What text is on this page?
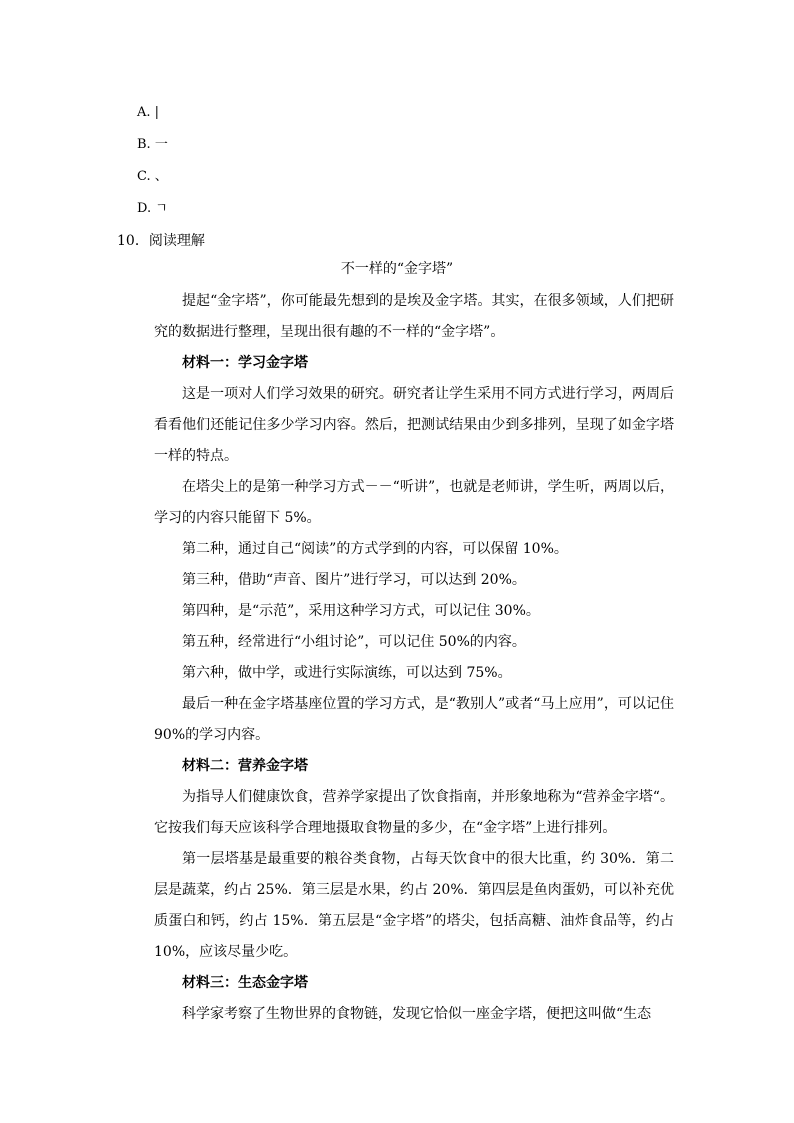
A. |
B. 一
C. 、
D. ㄱ
10．阅读理解
不一样的“金字塔”

提起“金字塔”，你可能最先想到的是埃及金字塔。其实，在很多领域，人们把研究的数据进行整理，呈现出很有趣的不一样的“金字塔”。

材料一：学习金字塔

这是一项对人们学习效果的研究。研究者让学生采用不同方式进行学习，两周后看看他们还能记住多少学习内容。然后，把测试结果由少到多排列，呈现了如金字塔一样的特点。

在塔尖上的是第一种学习方式－－“听讲”，也就是老师讲，学生听，两周以后，学习的内容只能留下 5%。

第二种，通过自己“阅读”的方式学到的内容，可以保留 10%。

第三种，借助“声音、图片”进行学习，可以达到 20%。

第四种，是“示范”，采用这种学习方式，可以记住 30%。

第五种，经常进行“小组讨论”，可以记住 50%的内容。

第六种，做中学，或进行实际演练，可以达到 75%。

最后一种在金字塔基座位置的学习方式，是“教别人”或者“马上应用”，可以记住 90%的学习内容。

材料二：营养金字塔

为指导人们健康饮食，营养学家提出了饮食指南，并形象地称为“营养金字塔“。它按我们每天应该科学合理地摄取食物量的多少，在“金字塔”上进行排列。

第一层塔基是最重要的粮谷类食物，占每天饮食中的很大比重，约 30%．第二层是蔬菜，约占 25%．第三层是水果，约占 20%．第四层是鱼肉蛋奶，可以补充优质蛋白和钙，约占 15%．第五层是“金字塔”的塔尖，包括高糖、油炸食品等，约占 10%，应该尽量少吃。

材料三：生态金字塔

科学家考察了生物世界的食物链，发现它恰似一座金字塔，便把这叫做“生态
